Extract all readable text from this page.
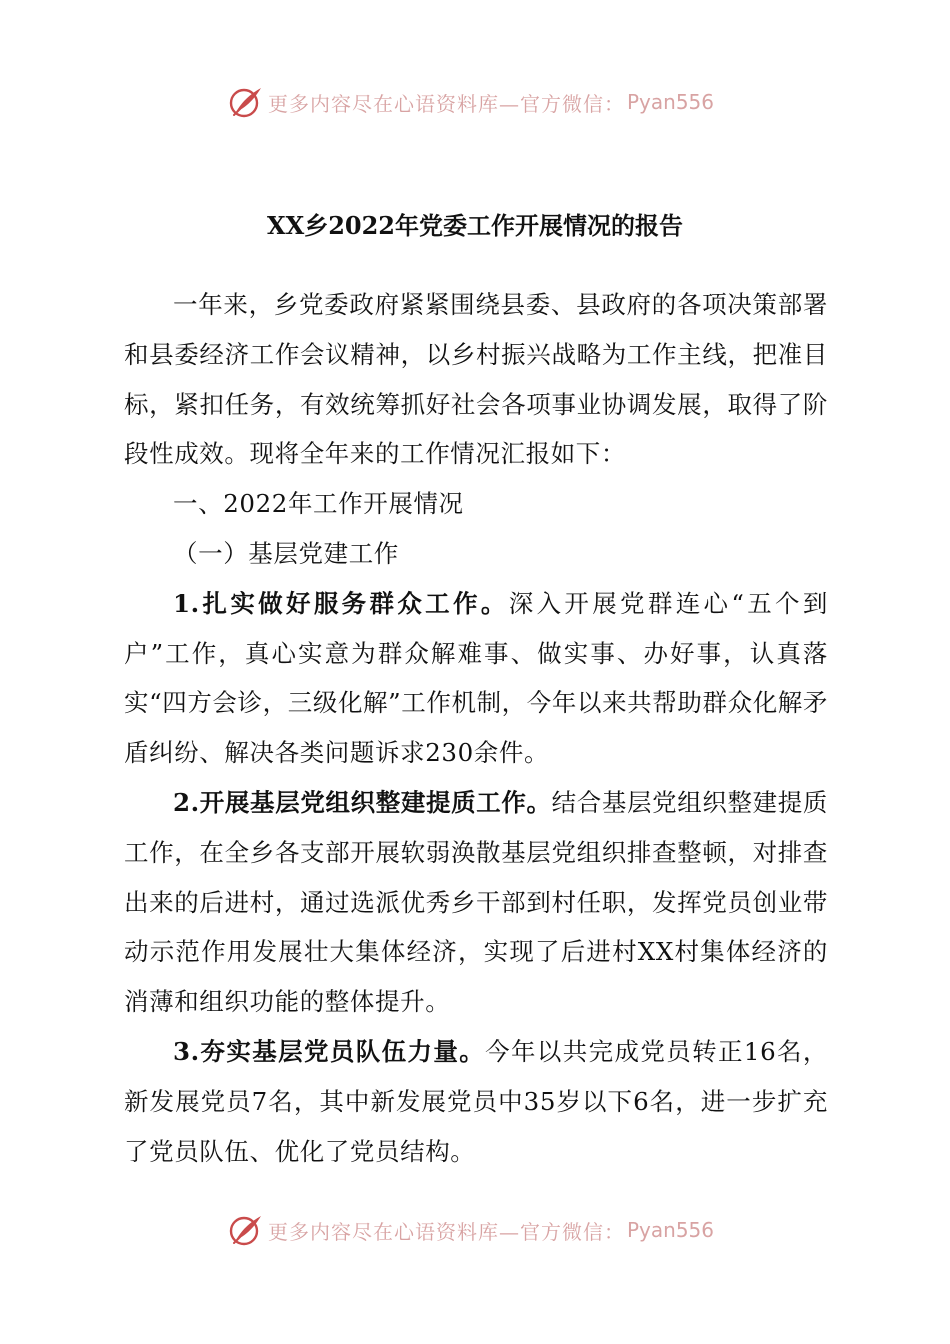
更多内容尽在心语资料库—官方微信： Pyan556
XX乡2022年党委工作开展情况的报告

一年来，乡党委政府紧紧围绕县委、县政府的各项决策部署和县委经济工作会议精神，以乡村振兴战略为工作主线，把准目标，紧扣任务，有效统筹抓好社会各项事业协调发展，取得了阶段性成效。现将全年来的工作情况汇报如下：

一、2022年工作开展情况

（一）基层党建工作

1.扎实做好服务群众工作。深入开展党群连心“五个到户”工作，真心实意为群众解难事、做实事、办好事，认真落实“四方会诊，三级化解”工作机制，今年以来共帮助群众化解矛盾纠纷、解决各类问题诉求230余件。

2.开展基层党组织整建提质工作。结合基层党组织整建提质工作，在全乡各支部开展软弱涣散基层党组织排查整顿，对排查出来的后进村，通过选派优秀乡干部到村任职，发挥党员创业带动示范作用发展壮大集体经济，实现了后进村XX村集体经济的消薄和组织功能的整体提升。

3.夯实基层党员队伍力量。今年以共完成党员转正16名，新发展党员7名，其中新发展党员中35岁以下6名，进一步扩充了党员队伍、优化了党员结构。

更多内容尽在心语资料库—官方微信： Pyan556
